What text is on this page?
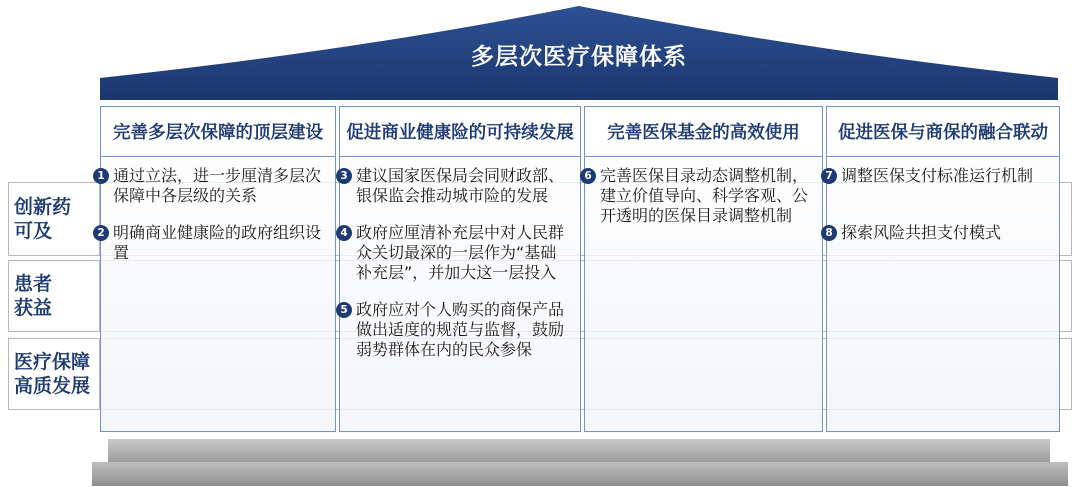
多层次医疗保障体系
创新药可及
患者获益
医疗保障高质发展
完善多层次保障的顶层建设 促进商业健康险的可持续发展 完善医保基金的高效使用 促进医保与商保的融合联动
1 通过立法，进一步厘清多层次保障中各层级的关系
2 明确商业健康险的政府组织设置
3 建议国家医保局会同财政部、银保监会推动城市险的发展
4 政府应厘清补充层中对人民群众关切最深的一层作为“基础补充层”，并加大这一层投入
5 政府应对个人购买的商保产品做出适度的规范与监督，鼓励弱势群体在内的民众参保
6 完善医保目录动态调整机制，建立价值导向、科学客观、公开透明的医保目录调整机制
7 调整医保支付标准运行机制
8 探索风险共担支付模式
